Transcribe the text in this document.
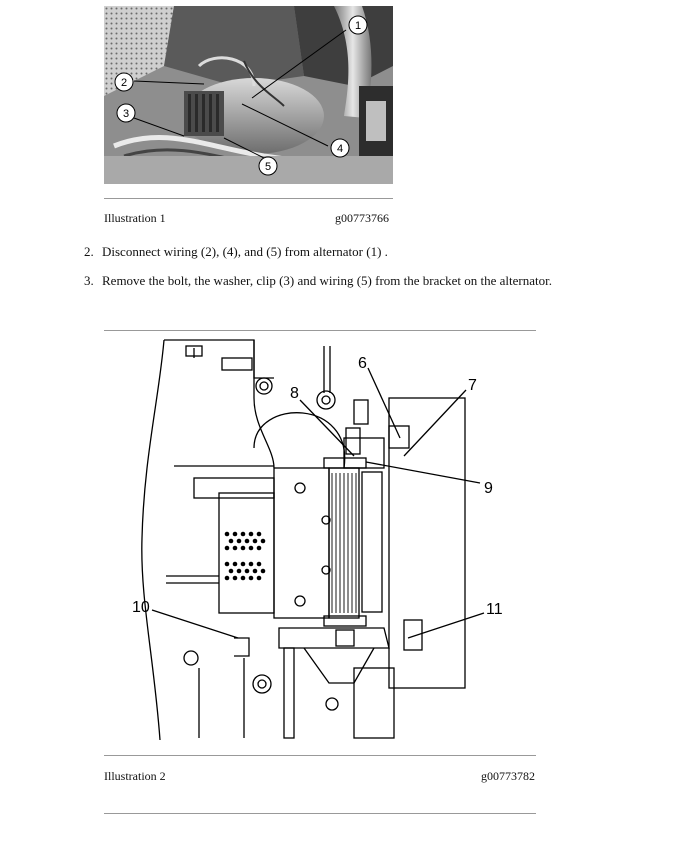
1
2
3
4
5
Illustration 1	g00773766
2. Disconnect wiring (2), (4), and (5) from alternator (1) .
3. Remove the bolt, the washer, clip (3) and wiring (5) from the bracket on the alternator.
6
7
8
9
10	11
Illustration 2	g00773782
